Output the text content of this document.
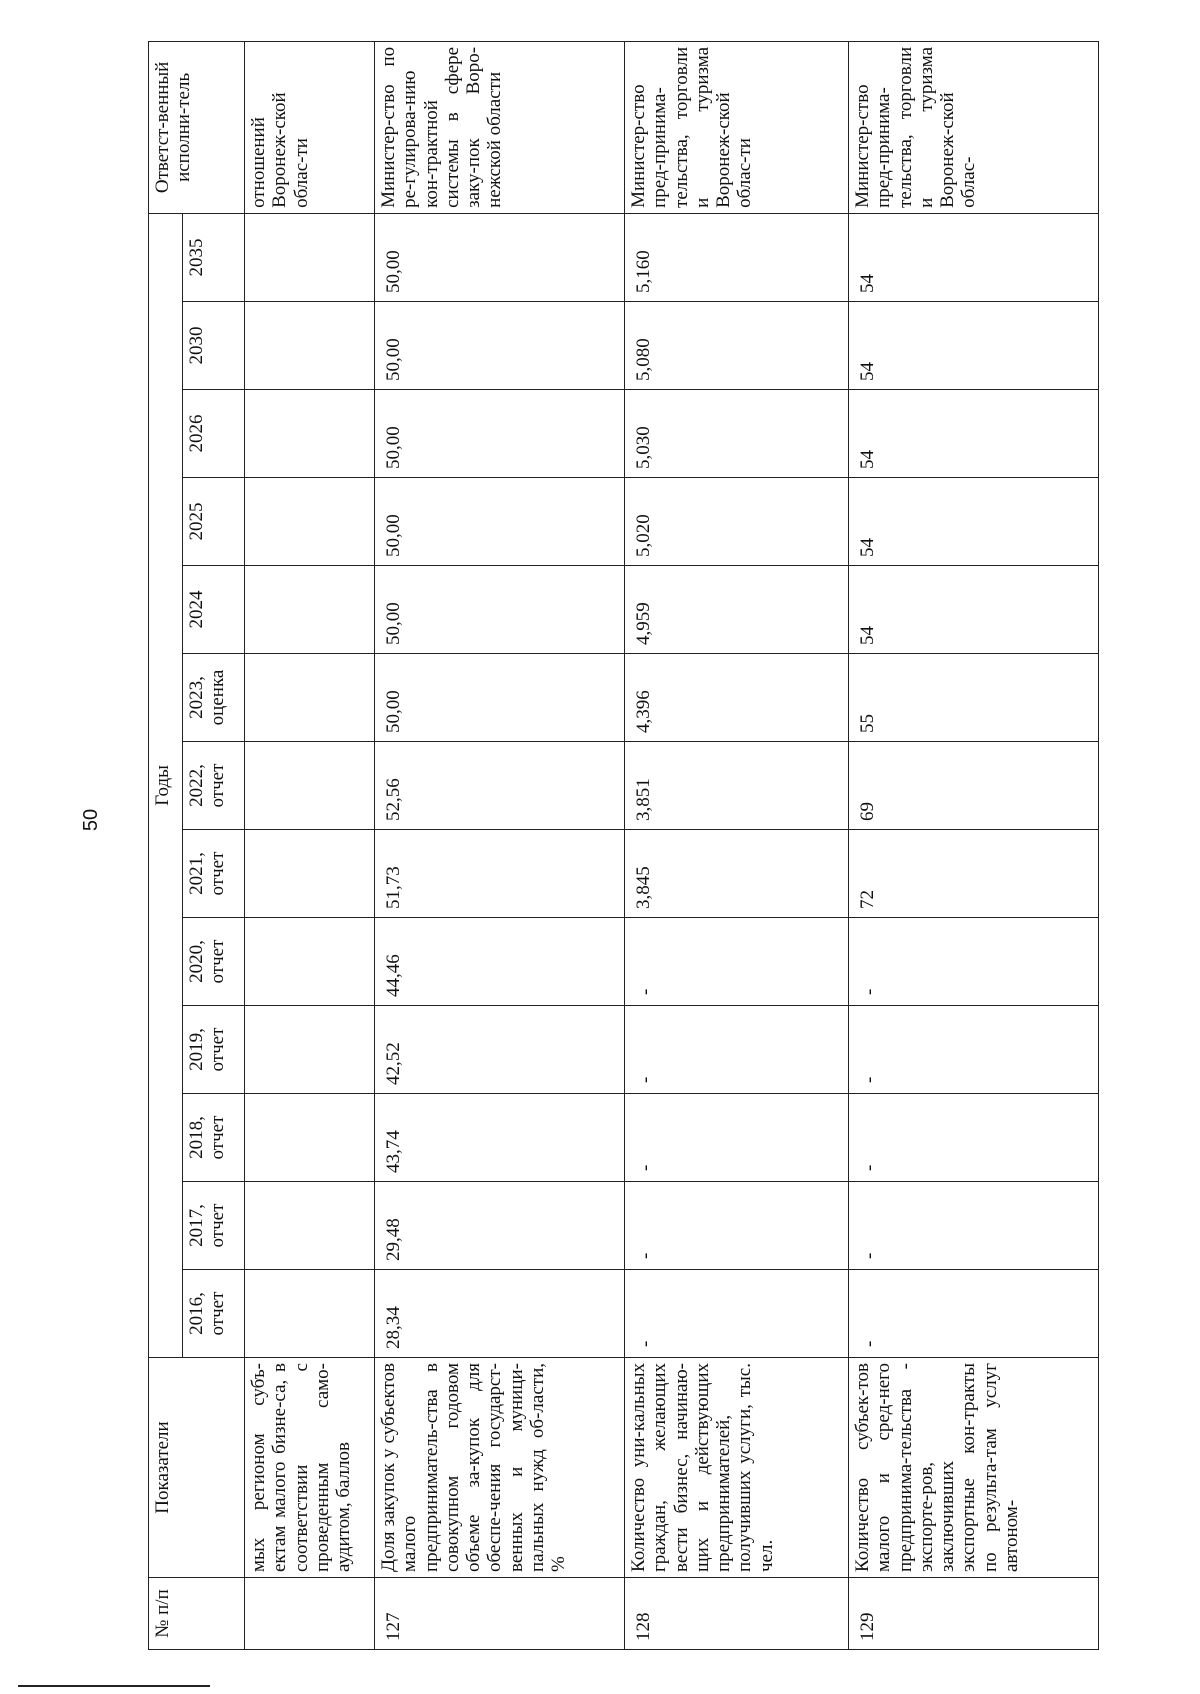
50
№ п/п	Показатели	Годы													Ответст-венный исполни-тель
		2016, отчет	2017, отчет	2018, отчет	2019, отчет	2020, отчет	2021, отчет	2022, отчет	2023, оценка	2024	2025	2026	2030	2035	
	мых регионом субъ-ектам малого бизне-са, в соответствии с проведенным само-аудитом, баллов														отношений Воронеж-ской облас-ти
127	Доля закупок у субъектов малого предприниматель-ства в совокупном годовом объеме за-купок для обеспе-чения государст-венных и муници-пальных нужд об-ласти, %	28,34	29,48	43,74	42,52	44,46	51,73	52,56	50,00	50,00	50,00	50,00	50,00	50,00	Министер-ство по ре-гулирова-нию кон-трактной системы в сфере заку-пок Воро-нежской области
128	Количество уни-кальных граждан, желающих вести бизнес, начинаю-щих и действующих предпринимателей, получивших услуги, тыс. чел.	-	-	-	-	-	3,845	3,851	4,396	4,959	5,020	5,030	5,080	5,160	Министер-ство пред-принима-тельства, торговли и туризма Воронеж-ской облас-ти
129	Количество субъек-тов малого и сред-него предпринима-тельства - экспорте-ров, заключивших экспортные кон-тракты по результа-там услуг автоном-	-	-	-	-	-	72	69	55	54	54	54	54	54	Министер-ство пред-принима-тельства, торговли и туризма Воронеж-ской облас-
